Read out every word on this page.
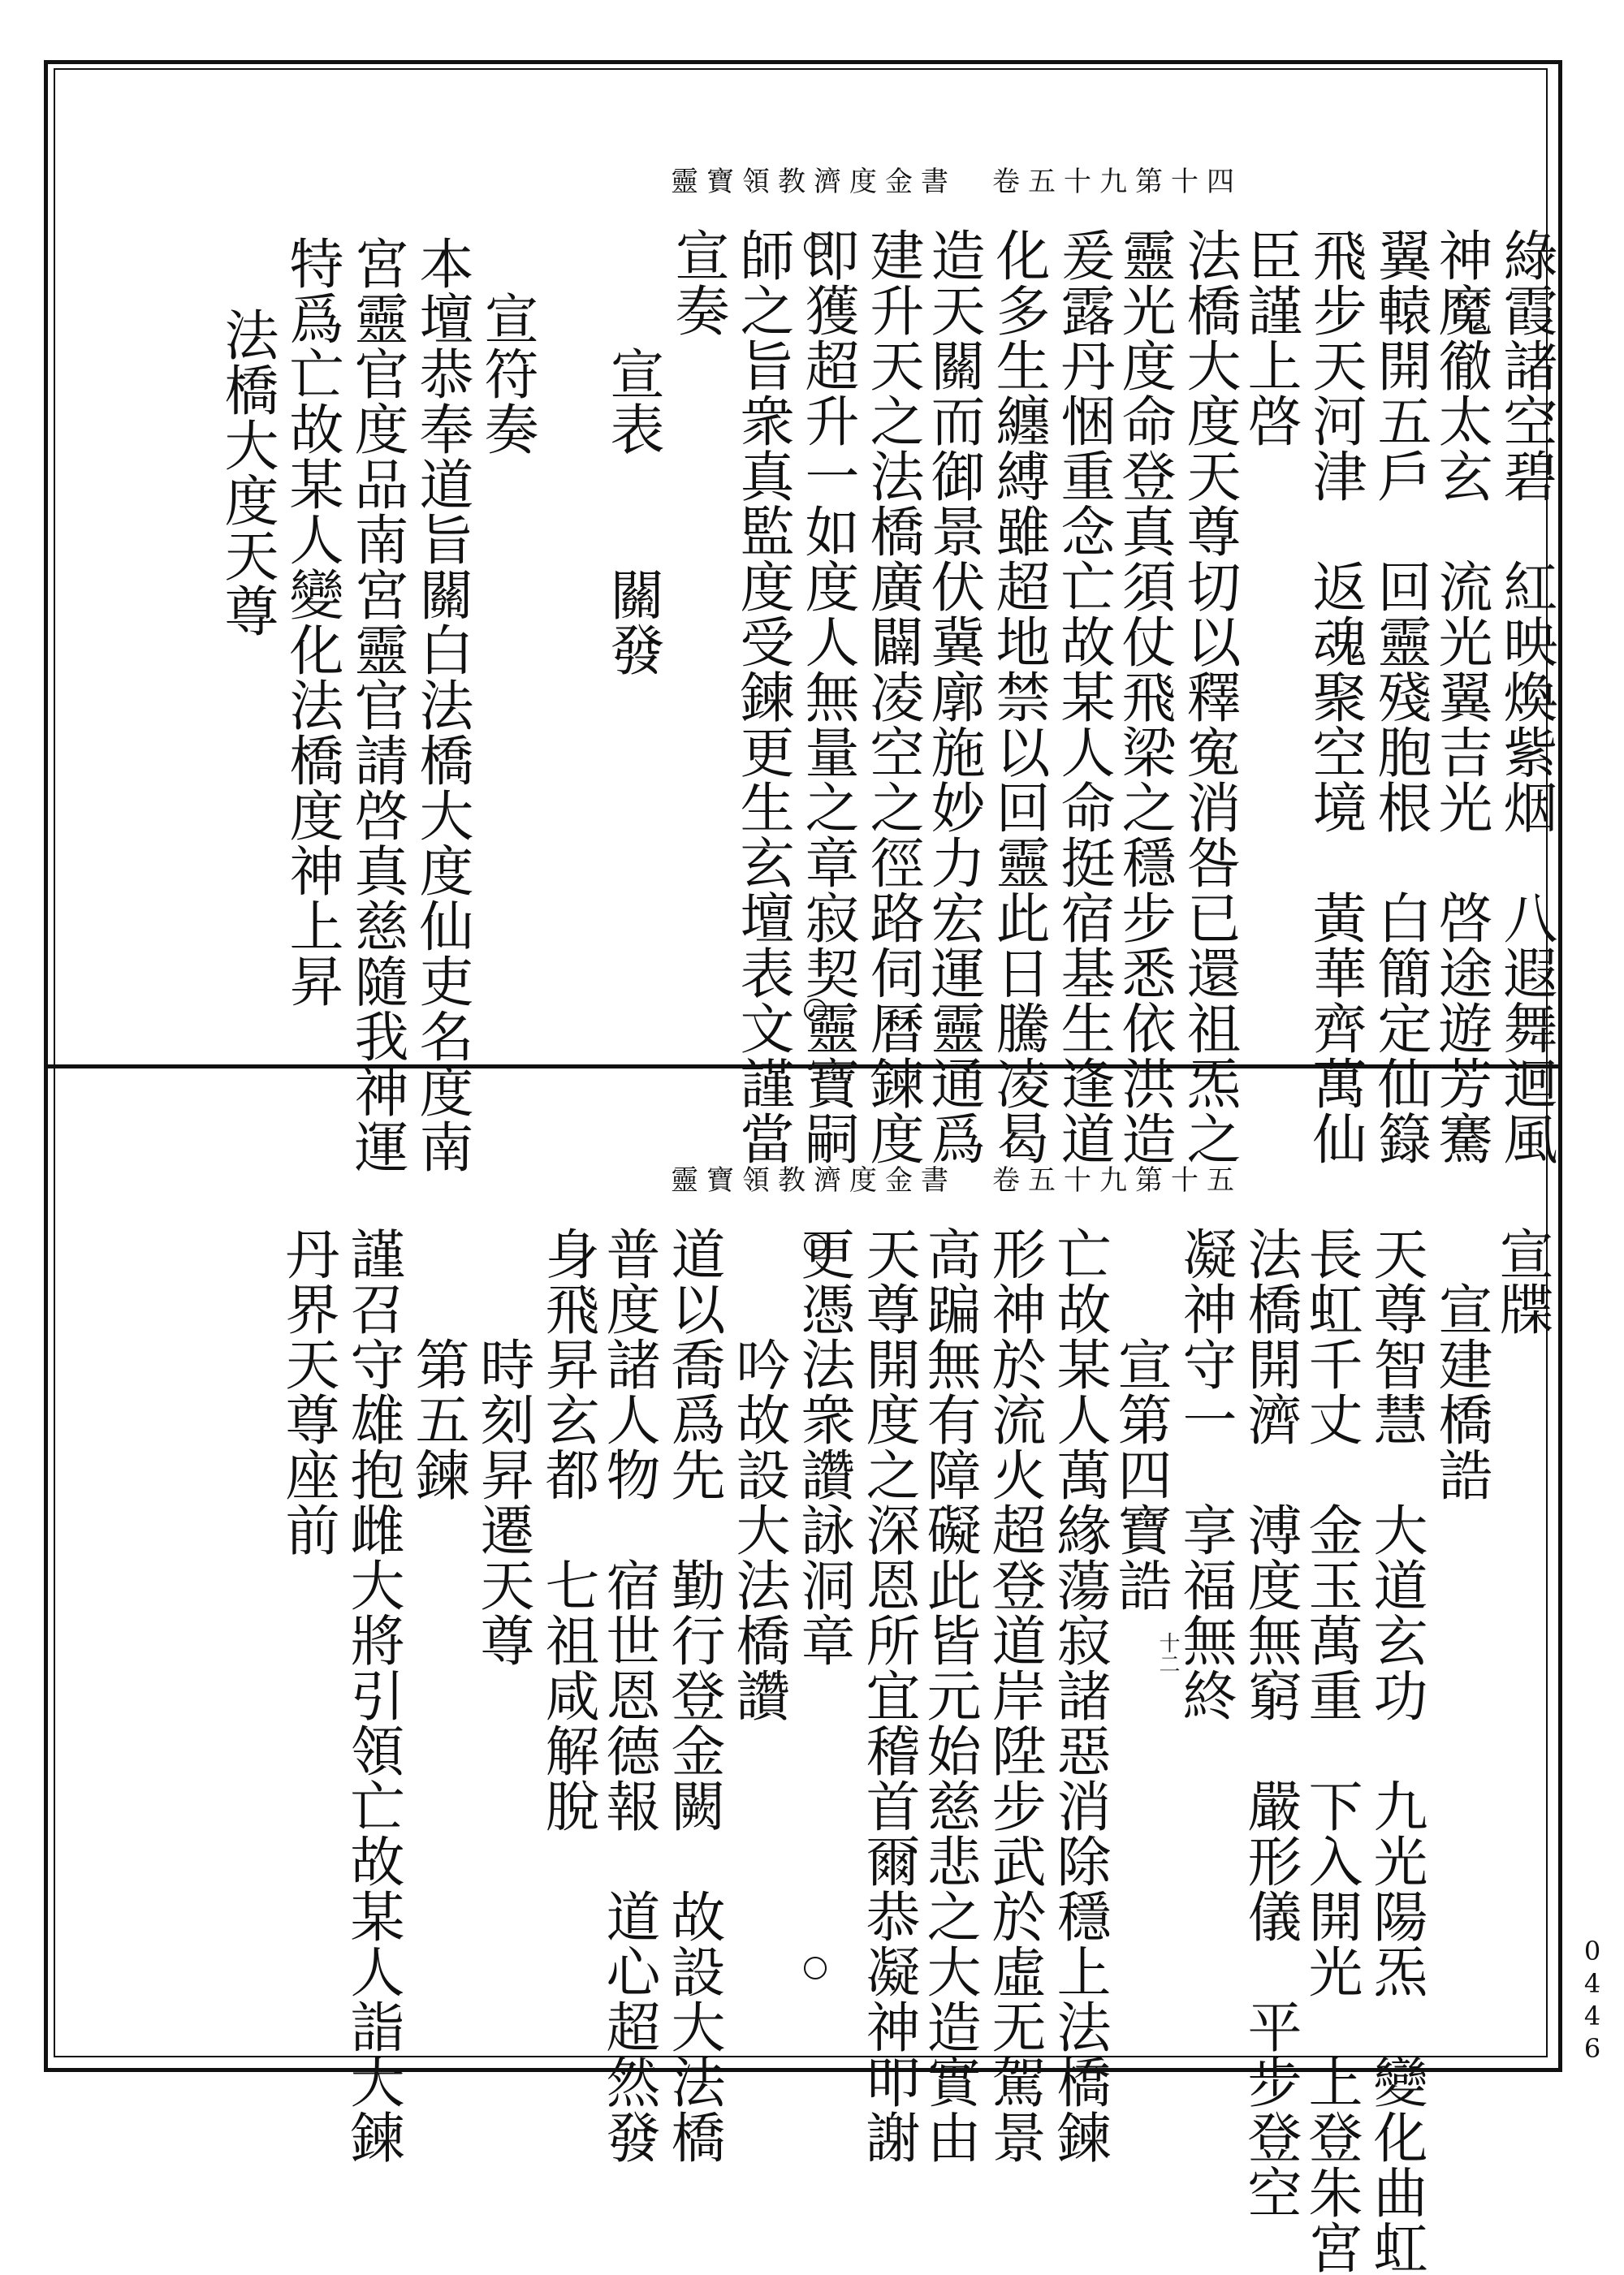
靈寶領教濟度金書　卷五十九第十四
綠霞諸空碧　紅映煥紫烟　八遐舞迴風
神魔徹太玄　流光翼吉光　啓途遊芳騫
翼轅開五戶　回靈殘胞根　白簡定仙籙
飛步天河津　返魂聚空境　黃華齊萬仙
臣謹上啓
法橋大度天尊切以釋寃消咎已還祖炁之
靈光度命登真須仗飛梁之穩步悉依洪造
爰露丹悃重念亡故某人命挺宿基生逢道
化多生纏縛雖超地禁以回靈此日騰凌曷
造天關而御景伏冀廓施妙力宏運靈通爲
建升天之法橋廣闢凌空之徑路伺曆鍊度
即獲超升一如度人無量之章寂契靈寶嗣
師之旨衆真監度受鍊更生玄壇表文謹當
宣奏
　　宣表　　關發
　宣符奏
本壇恭奉道旨關白法橋大度仙吏名度南
宮靈官度品南宮靈官請啓真慈隨我神運
特爲亡故某人變化法橋度神上昇
　法橋大度天尊
靈寶領教濟度金書　卷五十九第十五
十二
宣牒
　宣建橋誥
天尊智慧　大道玄功　九光陽炁　變化曲虹
長虹千丈　金玉萬重　下入開光　上登朱宮
法橋開濟　溥度無窮　嚴形儀　平步登空
凝神守一　享福無終
　　宣第四寶誥
亡故某人萬緣蕩寂諸惡消除穩上法橋鍊
形神於流火超登道岸陞步武於虛无駕景
高蹁無有障礙此皆元始慈悲之大造實由
天尊開度之深恩所宜稽首爾恭凝神叩謝
更憑法衆讚詠洞章
　　吟故設大法橋讚
道以喬爲先　勤行登金闕　故設大法橋
普度諸人物　宿世恩德報　道心超然發
身飛昇玄都　七祖咸解脫
　　時刻昇遷天尊
　　第五鍊
謹召守雄抱雌大將引領亡故某人詣大鍊
丹界天尊座前
0446
